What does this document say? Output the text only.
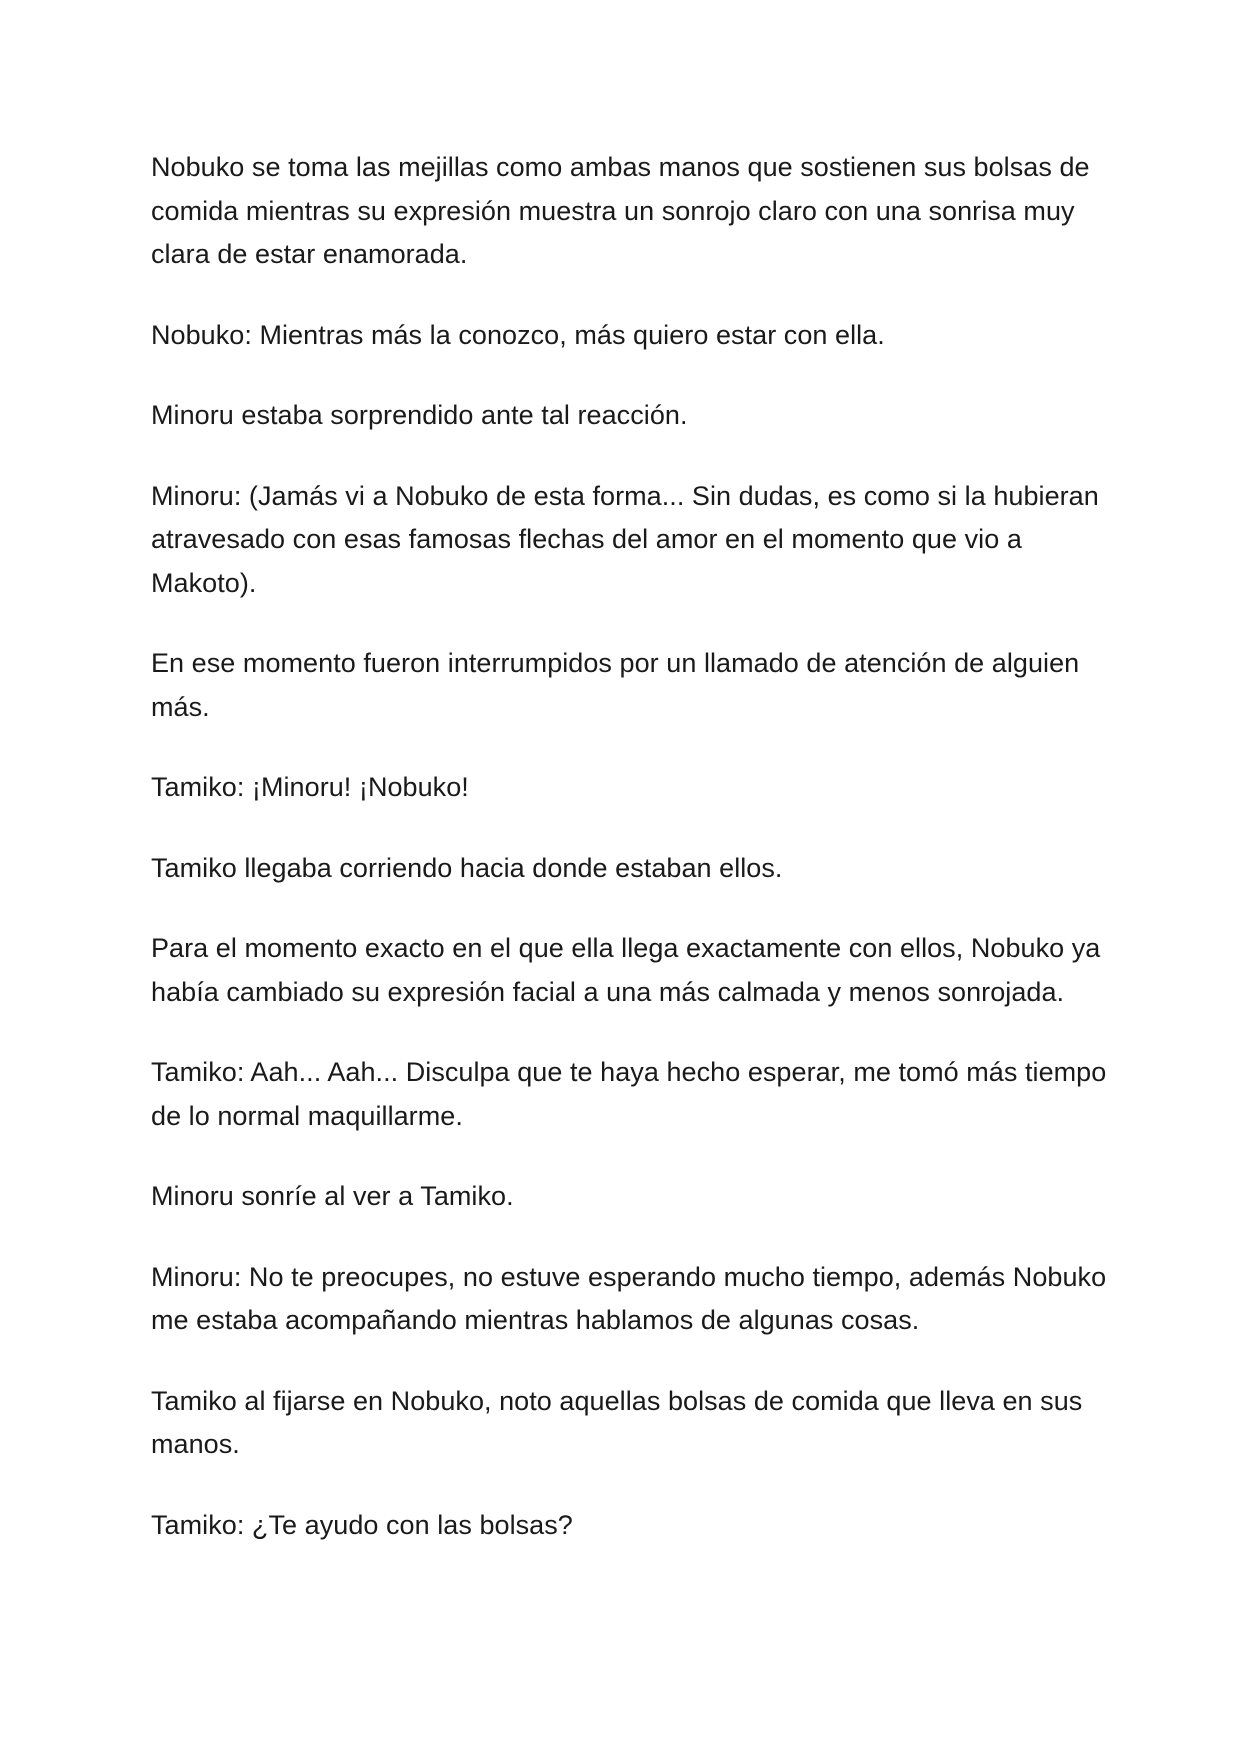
Nobuko se toma las mejillas como ambas manos que sostienen sus bolsas de comida mientras su expresión muestra un sonrojo claro con una sonrisa muy clara de estar enamorada.

Nobuko: Mientras más la conozco, más quiero estar con ella.

Minoru estaba sorprendido ante tal reacción.

Minoru: (Jamás vi a Nobuko de esta forma... Sin dudas, es como si la hubieran atravesado con esas famosas flechas del amor en el momento que vio a Makoto).

En ese momento fueron interrumpidos por un llamado de atención de alguien más.

Tamiko: ¡Minoru! ¡Nobuko!

Tamiko llegaba corriendo hacia donde estaban ellos.

Para el momento exacto en el que ella llega exactamente con ellos, Nobuko ya había cambiado su expresión facial a una más calmada y menos sonrojada.

Tamiko: Aah... Aah... Disculpa que te haya hecho esperar, me tomó más tiempo de lo normal maquillarme.

Minoru sonríe al ver a Tamiko.

Minoru: No te preocupes, no estuve esperando mucho tiempo, además Nobuko me estaba acompañando mientras hablamos de algunas cosas.

Tamiko al fijarse en Nobuko, noto aquellas bolsas de comida que lleva en sus manos.

Tamiko: ¿Te ayudo con las bolsas?
